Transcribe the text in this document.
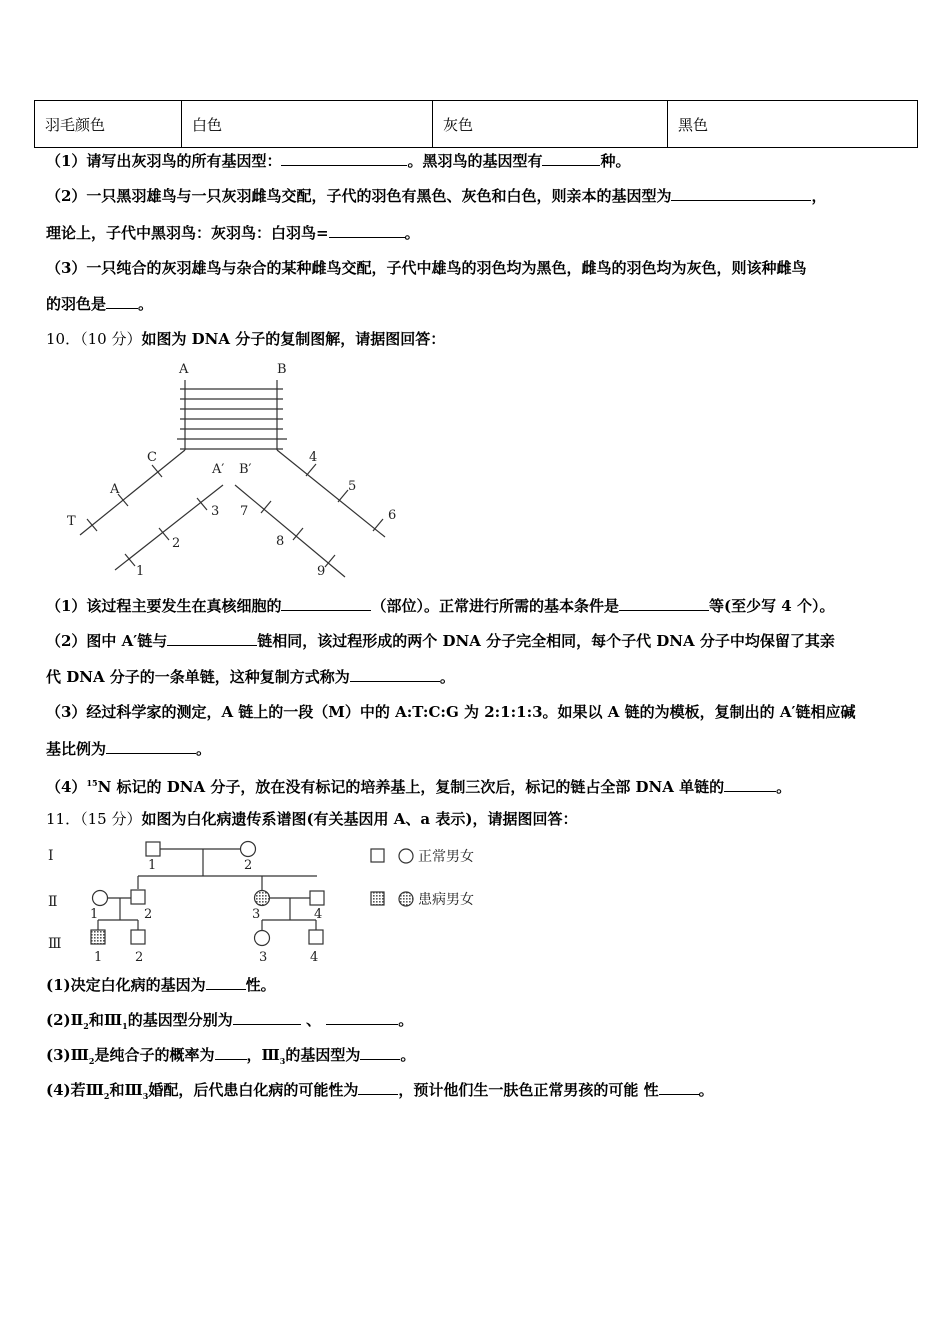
羽毛颜色	白色	灰色	黑色
（1）请写出灰羽鸟的所有基因型：	。黑羽鸟的基因型有	种。
（2）一只黑羽雄鸟与一只灰羽雌鸟交配，子代的羽色有黑色、灰色和白色，则亲本的基因型为	，
理论上，子代中黑羽鸟：灰羽鸟：白羽鸟=	。
（3）一只纯合的灰羽雄鸟与杂合的某种雌鸟交配，子代中雄鸟的羽色均为黑色，雌鸟的羽色均为灰色，则该种雌鸟
的羽色是 。
10．（10 分）如图为 DNA 分子的复制图解，请据图回答：
A	B
A′ B′
C
A
T
3
2
1
7
8
9
4
5
6
（1）该过程主要发生在真核细胞的	（部位）。正常进行所需的基本条件是	等(至少写 4 个）。
（2）图中 A′链与	链相同，该过程形成的两个 DNA 分子完全相同，每个子代 DNA 分子中均保留了其亲
代 DNA 分子的一条单链，这种复制方式称为	。
（3）经过科学家的测定，A 链上的一段（M）中的 A:T:C:G 为 2:1:1:3。如果以 A 链的为模板，复制出的 A′链相应碱
基比例为	。
$(4)^{15}N$ 标记的 DNA 分子，放在没有标记的培养基上，复制三次后，标记的链占全部 DNA 单链的	。
11．（15 分）如图为白化病遗传系谱图(有关基因用 A、a 表示)，请据图回答：
Ⅰ
Ⅱ
Ⅲ
1	2
1	2	3	4
1	2	3	4
正常男女
患病男女
(1)决定白化病的基因为	性。
$(2)Ⅱ_2$和$Ⅲ_1$的基因型分别为	、	。
$(3)Ⅲ_2$是纯合子的概率为 ，$Ⅲ_3$的基因型为	。
(4)若$Ⅲ_2$和$Ⅲ_3$婚配，后代患白化病的可能性为	，预计他们生一肤色正常男孩的可能 性	。
